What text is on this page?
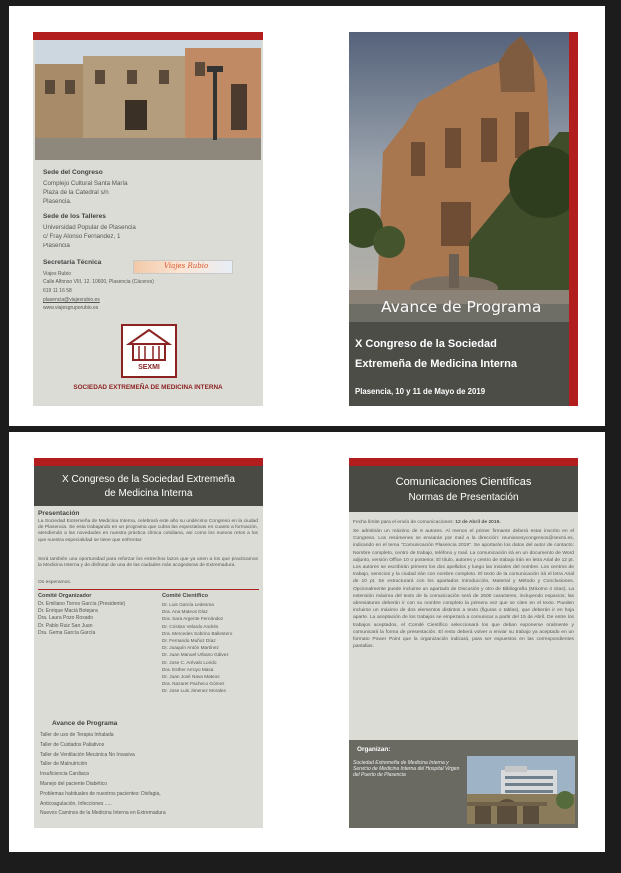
Sede del Congreso
Complejo Cultural Santa María
Plaza de la Catedral s/n
Plasencia.
Sede de los Talleres
Universidad Popular de Plasencia
c/ Fray Alonso Fernandez, 1
Plasencia
Secretaría Técnica
Viajes Rubio
Calle Alfonso VIII, 12. 10600, Plasencia (Cáceres)
619 11 16 58
plasencia@viajesrubio.es
www.viajesgruporubio.es
Viajes Rubio
SEXMI
SOCIEDAD EXTREMEÑA DE MEDICINA INTERNA
Avance de Programa
X Congreso de la Sociedad
Extremeña de Medicina Interna
Plasencia, 10 y 11 de Mayo de 2019
X Congreso de la Sociedad Extremeña
de Medicina Interna
Presentación
La Sociedad Extremeña de Medicina Interna, celebrará este año su undécimo Congreso en la ciudad de Plasencia. Se esta trabajando en un programa que cubra las expectativas en cuanto a formación, atendiendo a las novedades en nuestra práctica clínica cotidiana, así como los nuevos retos a los que nuestra especialidad se tiene que enfrentar.
Será también una oportunidad para reforzar los estrechos lazos que ya unen a los que practicamos la Medicina Interna y de disfrutar de una de las ciudades más acogedoras de Extremadura.
Os esperamos.
Comité Organizador
Dr. Emiliano Torres García (Presidente)
Dr. Enrique Maciá Botejara
Dra. Laura Pozo Rosado
Dr. Pablo Ruiz San Juan
Dra. Gema García García
Comité Científico
Dr. Luis García Ledesma
Dra. Ana Mateos Díaz
Dra. Sara Argente Fernández
Dr. Cristian Velardo Andrés
Dra. Mercedes Sobrino Ballestero
Dr. Fernando Muñoz Díaz
Dr. Joaquín Antón Martínez
Dr. Juan Manuel Urbano Gálvez
Dr. Jose C. Arévalo Lorido
Dra. Esther Arroyo Masa
Dr. Juan José Nava Mateos
Dra. Nazaret Pacheco Gómez
Dr. Jose Luis Jimenez Morales
Avance de Programa
Taller de uso de Terapia Inhalada
Taller de Cuidados Paliativos
Taller de Ventilación Mecánica No Invasiva
Taller de Malnutrición
Insuficiencia Cardiaca
Manejo del paciente Diabético
Problemas habituales de nuestros pacientes: Disfagia,
Anticoagulación, Infecciones .....
Nuevos Caminos de la Medicina Interna en Extremadura
Comunicaciones Científicas
Normas de Presentación
Fecha límite para el envío de comunicaciones: 12 de Abril de 2019.
Se admitirán un máximo de 6 autores. Al menos el primer firmante deberá estar inscrito en el Congreso. Los resúmenes se enviarán por mail a la dirección: reunionesycongresos@sexmi.es, indicando en el tema "Comunicación Plasencia 2019". Se aportarán los datos del autor de contacto: Nombre completo, centro de trabajo, teléfono y mail. La comunicación irá en un documento de Word adjunto, versión Office 10 o posterior. El título, autores y centro de trabajo irán en letra Arial de 12 pt. Los autores se escribirán primero los dos apellidos y luego las iniciales del nombre. Los centros de trabajo, servicios y la ciudad irán con nombre completo. El texto de la comunicación irá el letra Arial de 10 pt. Se estructurará con los apartados Introducción, Material y Método y Conclusiones. Opcionalmente puede incluirse un apartado de Discusión y otro de Bibliografía (Máximo 4 citas). La extensión máxima del texto de la comunicación será de 2500 caracteres, incluyendo espacios; las abreviaturas deberán ir con su nombre completo la primera vez que se citen en el texto. Pueden incluirse un máximo de dos elementos distintos a texto (figuras o tablas), que deberán ir en hoja aparte. La aceptación de los trabajos se empezará a comunicar a partir del 15 de Abril. De entre los trabajos aceptados, el Comité Científico seleccionará los que deban exponerse oralmente y comunicará la forma de presentación. El resto deberá volver a enviar su trabajo ya aceptado en un formato Power Point que la organización indicará, para ser expuestos en las correspondientes pantallas.
Organizan:
Sociedad Extremeña de Medicina Interna y Servicio de Medicina Interna del Hospital Virgen del Puerto de Plasencia
